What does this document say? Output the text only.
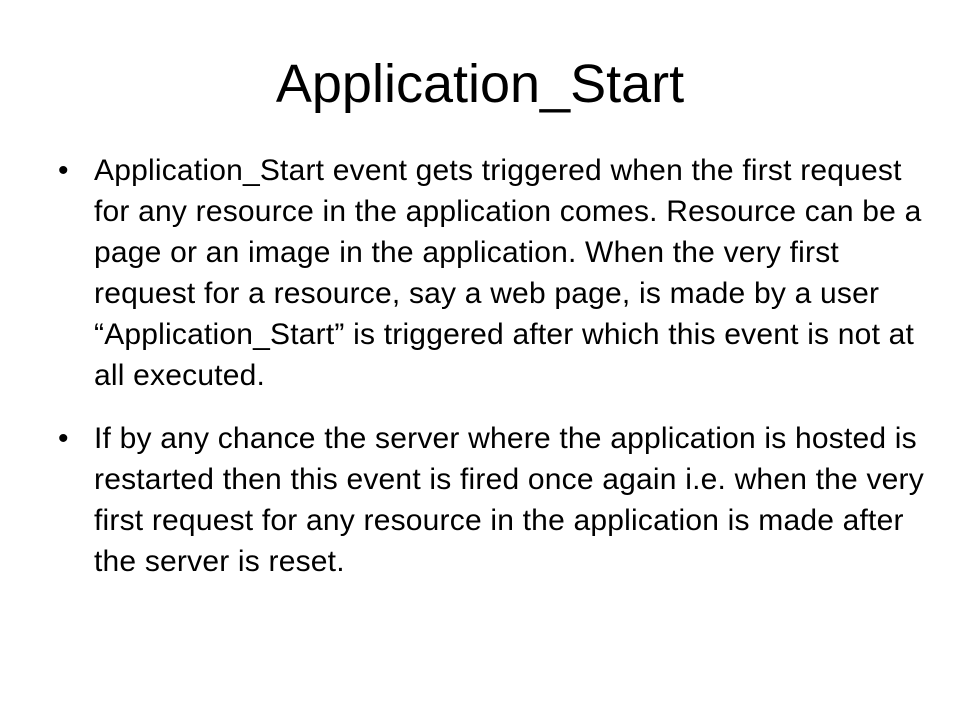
Application_Start
• Application_Start event gets triggered when the first request for any resource in the application comes. Resource can be a page or an image in the application. When the very first request for a resource, say a web page, is made by a user “Application_Start” is triggered after which this event is not at all executed.
• If by any chance the server where the application is hosted is restarted then this event is fired once again i.e. when the very first request for any resource in the application is made after the server is reset.
